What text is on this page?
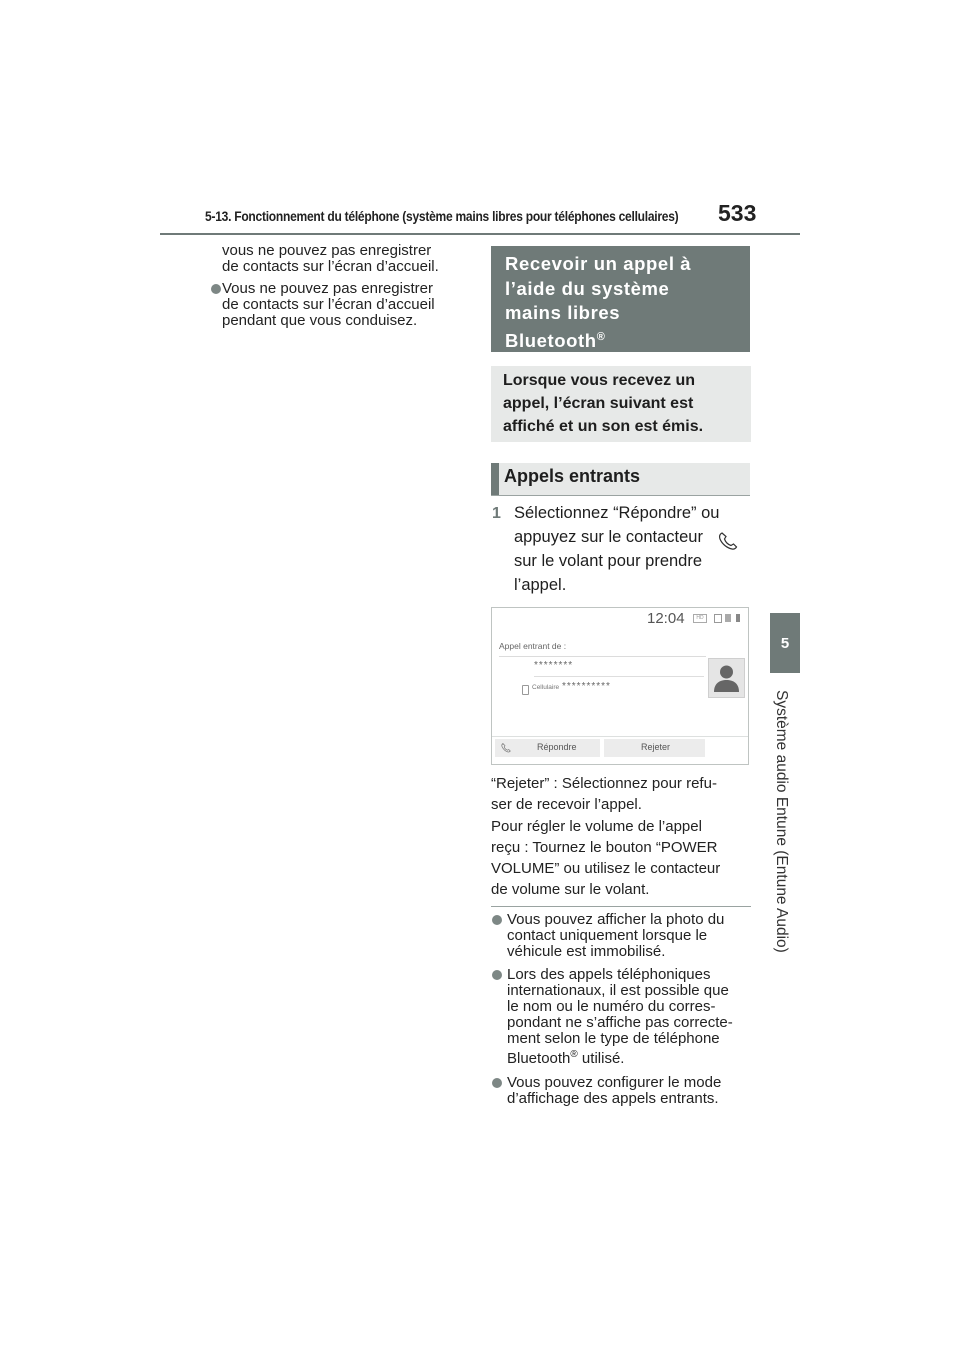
5-13. Fonctionnement du téléphone (système mains libres pour téléphones cellulaires) 533
5
Système audio Entune (Entune Audio)
vous ne pouvez pas enregistrer
de contacts sur l’écran d’accueil.
Vous ne pouvez pas enregistrer
de contacts sur l’écran d’accueil
pendant que vous conduisez.
Recevoir un appel à
l’aide du système
mains libres
Bluetooth®
Lorsque vous recevez un
appel, l’écran suivant est
affiché et un son est émis.
Appels entrants
1 Sélectionnez “Répondre” ou
appuyez sur le contacteur
sur le volant pour prendre
l’appel.
12:04	HD
Appel entrant de :
********
Cellulaire **********
Répondre	Rejeter
“Rejeter” : Sélectionnez pour refu-
ser de recevoir l’appel.
Pour régler le volume de l’appel
reçu : Tournez le bouton “POWER
VOLUME” ou utilisez le contacteur
de volume sur le volant.
Vous pouvez afficher la photo du
contact uniquement lorsque le
véhicule est immobilisé.
Lors des appels téléphoniques
internationaux, il est possible que
le nom ou le numéro du corres-
pondant ne s’affiche pas correcte-
ment selon le type de téléphone
Bluetooth® utilisé.
Vous pouvez configurer le mode
d’affichage des appels entrants.
